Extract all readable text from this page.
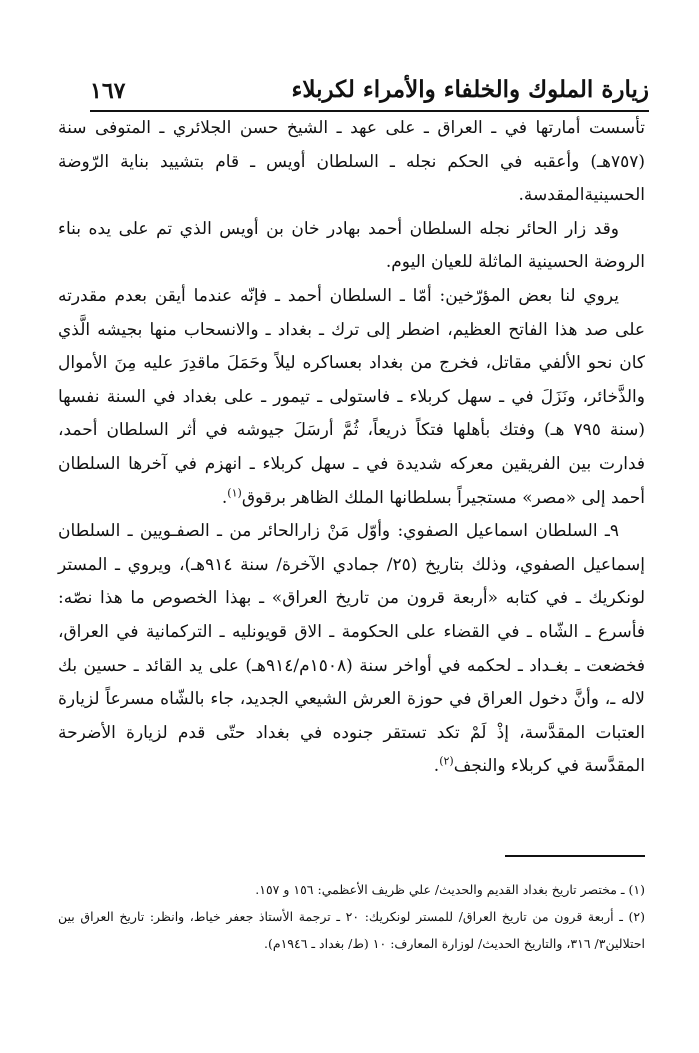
زيارة الملوك والخلفاء والأمراء لكربلاء
١٦٧

تأسست أمارتها في ـ العراق ـ على عهد ـ الشيخ حسن الجلائري ـ المتوفى سنة (٧٥٧هـ) وأعقبه في الحكم نجله ـ السلطان أويس ـ قام بتشييد بناية الرّوضة الحسينيةالمقدسة.

وقد زار الحائر نجله السلطان أحمد بهادر خان بن أويس الذي تم على يده بناء الروضة الحسينية الماثلة للعيان اليوم.

يروي لنا بعض المؤرّخين: أمّا ـ السلطان أحمد ـ فإنّه عندما أيقن بعدم مقدرته على صد هذا الفاتح العظيم، اضطر إلى ترك ـ بغداد ـ والانسحاب منها بجيشه الَّذي كان نحو الألفي مقاتل، فخرج من بغداد بعساكره ليلاً وحَمَلَ ماقدِرَ عليه مِنَ الأموال والذَّخائر، ونَزَلَ في ـ سهل كربلاء ـ فاستولى ـ تيمور ـ على بغداد في السنة نفسها (سنة ٧٩٥ هـ) وفتك بأهلها فتكاً ذريعاً، ثُمَّ أرسَلَ جيوشه في أثر السلطان أحمد، فدارت بين الفريقين معركه شديدة في ـ سهل كربلاء ـ انهزم في آخرها السلطان أحمد إلى «مصر» مستجيراً بسلطانها الملك الظاهر برقوق$^{(١)}$.

٩ـ السلطان اسماعيل الصفوي: وأوّل مَنْ زارالحائر من ـ الصفـويين ـ السلطان إسماعيل الصفوي، وذلك بتاريخ (٢٥/ جمادي الآخرة/ سنة ٩١٤هـ)، ويروي ـ المستر لونكريك ـ في كتابه «أربعة قرون من تاريخ العراق» ـ بهذا الخصوص ما هذا نصّه: فأسرع ـ الشّاه ـ في القضاء على الحكومة ـ الاق قويونليه ـ التركمانية في العراق، فخضعت ـ بغـداد ـ لحكمه في أواخر سنة (١٥٠٨م/٩١٤هـ) على يد القائد ـ حسين بك لاله ـ، وأنَّ دخول العراق في حوزة العرش الشيعي الجديد، جاء بالشّاه مسرعاً لزيارة العتبات المقدَّسة، إذْ لَمْ تكد تستقر جنوده في بغداد حتّى قدم لزيارة الأضرحة المقدَّسة في كربلاء والنجف$^{(٢)}$.

(١) ـ مختصر تاريخ بغداد القديم والحديث/ علي ظريف الأعظمي: ١٥٦ و ١٥٧.

(٢) ـ أربعة قرون من تاريخ العراق/ للمستر لونكريك: ٢٠ ـ ترجمة الأستاذ جعفر خياط، وانظر: تاريخ العراق بين احتلالين٣/ ٣١٦، والتاريخ الحديث/ لوزارة المعارف: ١٠ (ط/ بغداد ـ ١٩٤٦م).
